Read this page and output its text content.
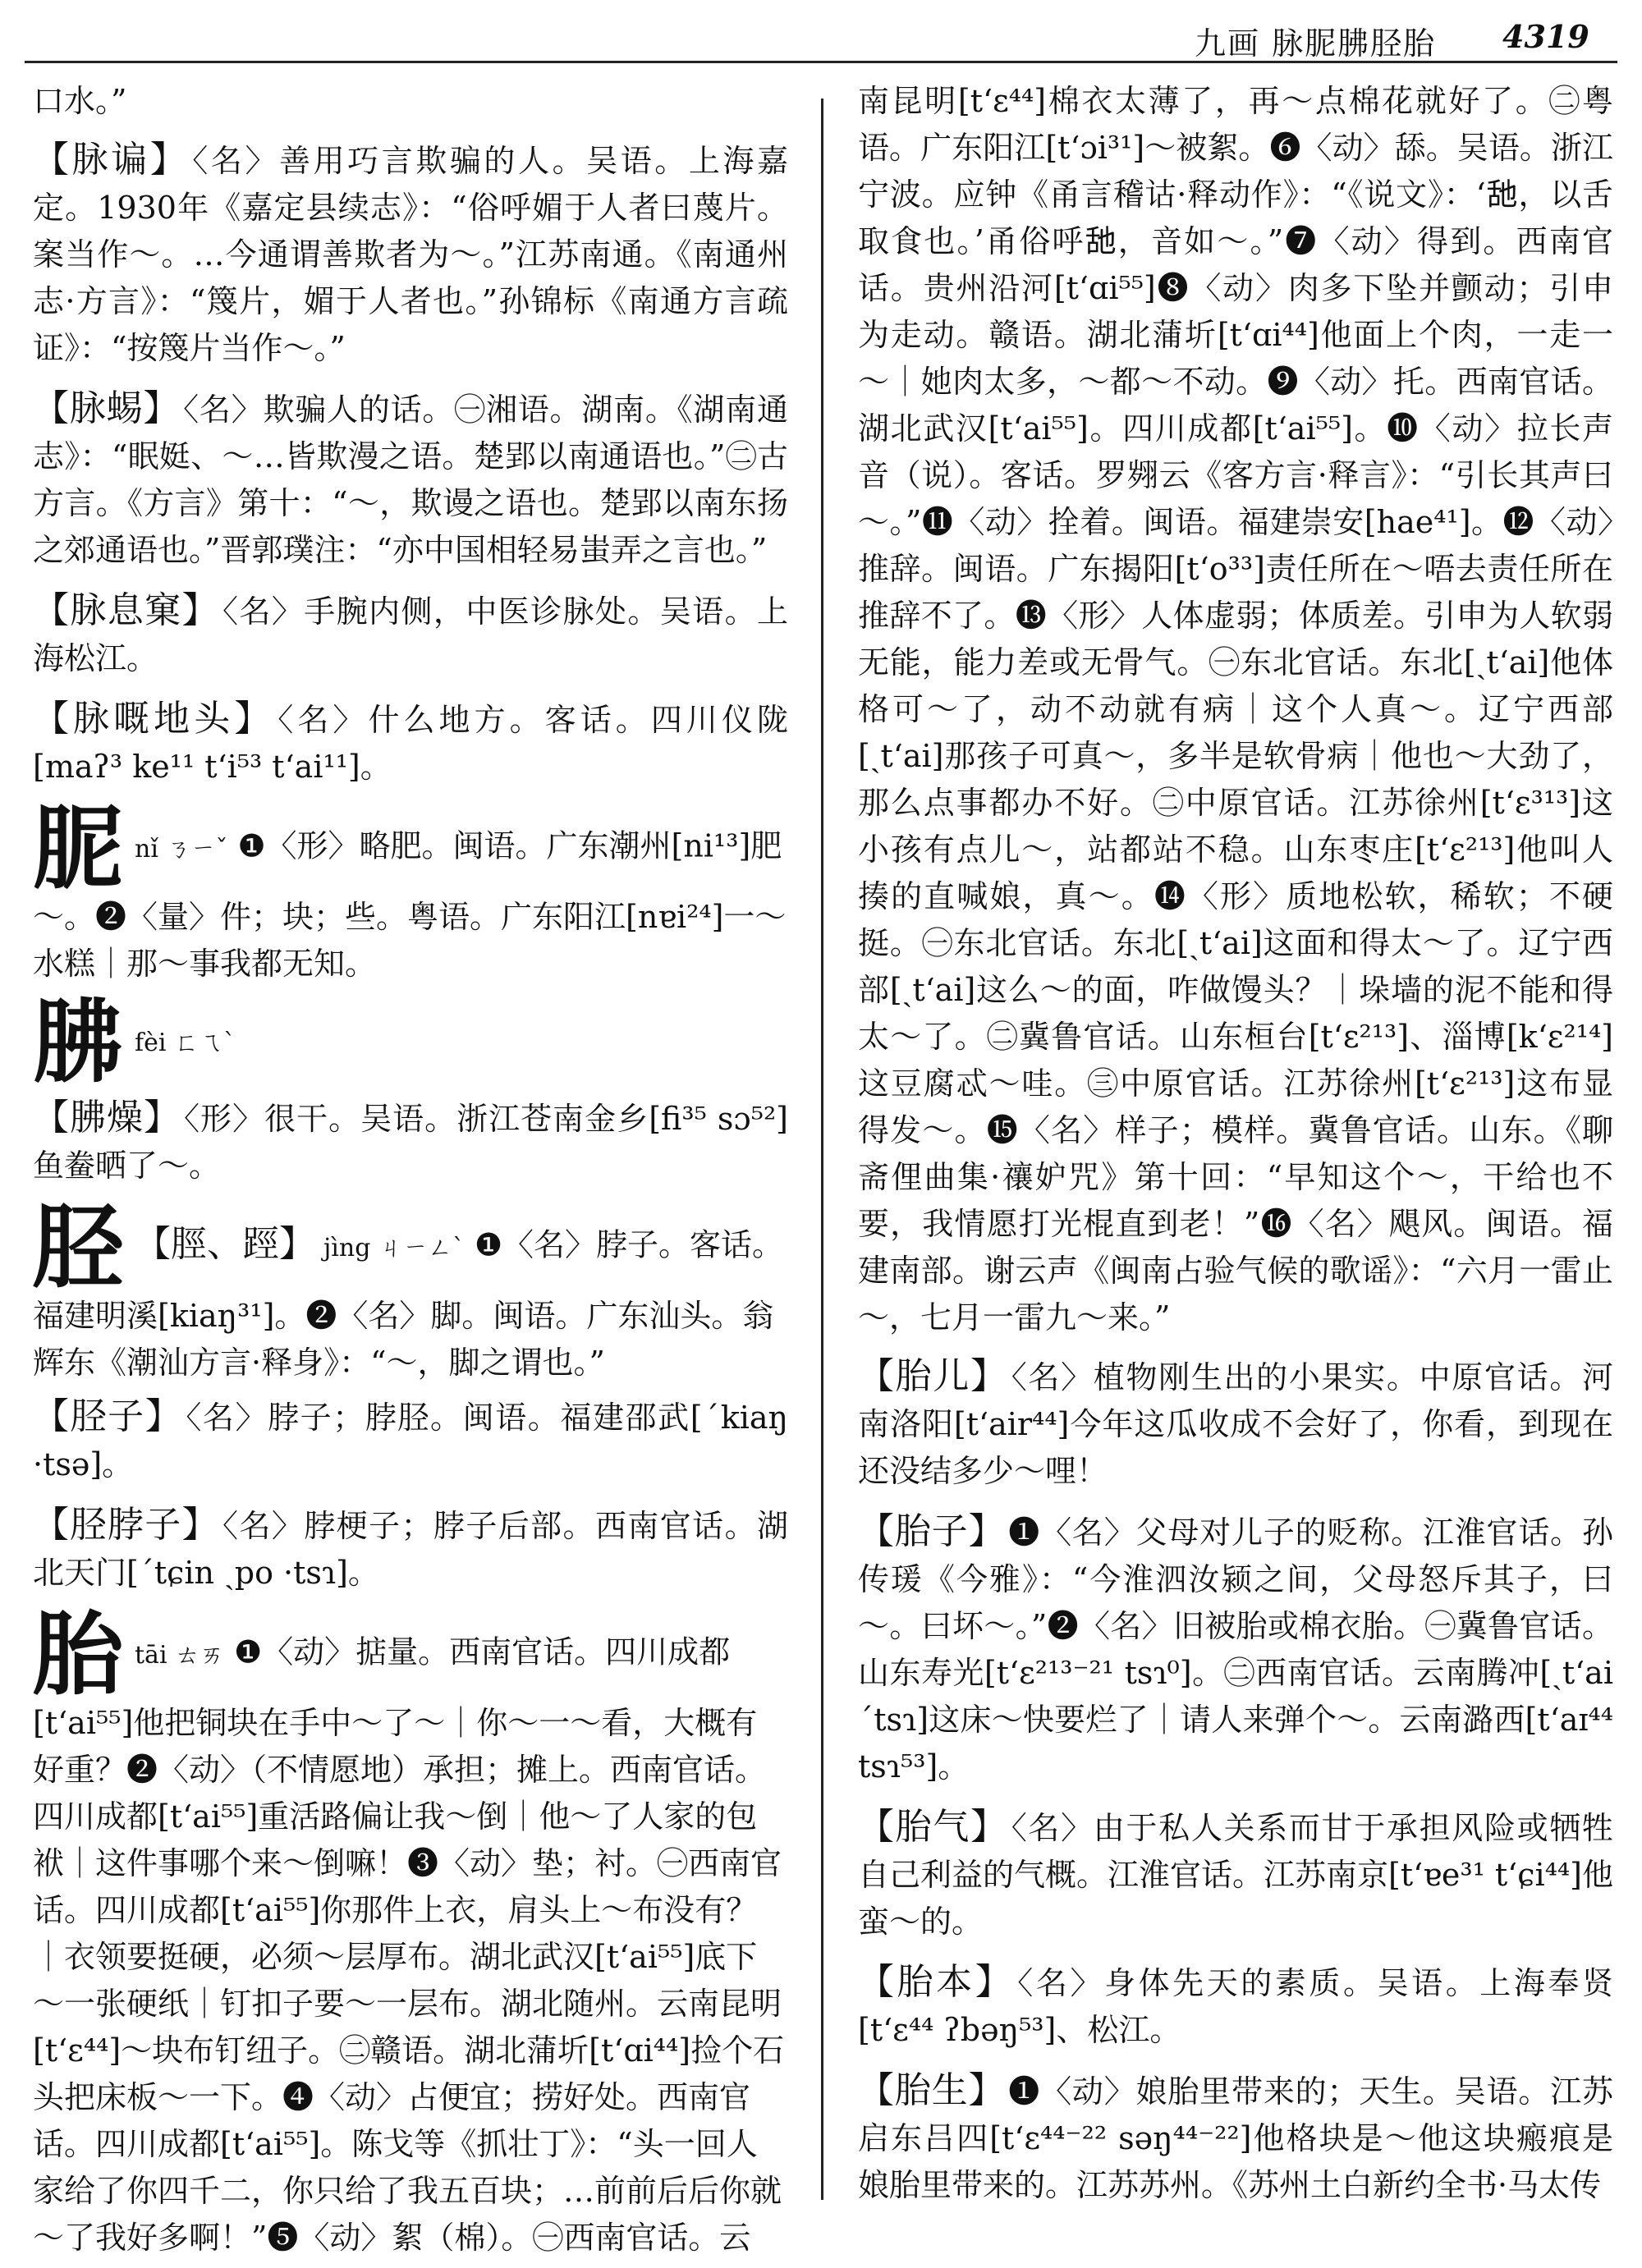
九画 脉胒胇胫胎 4319

口水。”

【脉谝】 〈名〉善用巧言欺骗的人。吴语。上海嘉定。1930年《嘉定县续志》：“俗呼媚于人者曰蔑片。案当作～。…今通谓善欺者为～。”江苏南通。《南通州志·方言》：“篾片，媚于人者也。”孙锦标《南通方言疏证》：“按篾片当作～。”

【脉蜴】 〈名〉欺骗人的话。㊀湘语。湖南。《湖南通志》：“眠娗、～…皆欺漫之语。楚郢以南通语也。”㊁古方言。《方言》第十：“～，欺谩之语也。楚郢以南东扬之郊通语也。”晋郭璞注：“亦中国相轻易蚩弄之言也。”

【脉息窠】 〈名〉手腕内侧，中医诊脉处。吴语。上海松江。

【脉嘅地头】 〈名〉什么地方。客话。四川仪陇[maʔ³ ke¹¹ tʻi⁵³ tʻai¹¹]。

胒nǐ ㄋㄧˇ ❶〈形〉略肥。闽语。广东潮州[ni¹³]肥～。❷〈量〉件；块；些。粤语。广东阳江[nɐi²⁴]一～水糕｜那～事我都无知。
胇fèi ㄈㄟˋ

【胇燥】 〈形〉很干。吴语。浙江苍南金乡[fi³⁵ sɔ⁵²]鱼鲞晒了～。

胫 【脛、踁】 jìng ㄐㄧㄥˋ ❶〈名〉脖子。客话。福建明溪[kiaŋ³¹]。❷〈名〉脚。闽语。广东汕头。翁辉东《潮汕方言·释身》：“～，脚之谓也。”

【胫子】 〈名〉脖子；脖胫。闽语。福建邵武[ˊkiaŋ ·tsə]。

【胫脖子】 〈名〉脖梗子；脖子后部。西南官话。湖北天门[ˊtɕin ˏpo ·tsɿ]。

胎tāi ㄊㄞ ❶〈动〉掂量。西南官话。四川成都[tʻai⁵⁵]他把铜块在手中～了～｜你～一～看，大概有好重？❷〈动〉（不情愿地）承担；摊上。西南官话。四川成都[tʻai⁵⁵]重活路偏让我～倒｜他～了人家的包袱｜这件事哪个来～倒嘛！❸〈动〉垫；衬。㊀西南官话。四川成都[tʻai⁵⁵]你那件上衣，肩头上～布没有？｜衣领要挺硬，必须～层厚布。湖北武汉[tʻai⁵⁵]底下～一张硬纸｜钉扣子要～一层布。湖北随州。云南昆明[tʻɛ⁴⁴]～块布钉纽子。㊁赣语。湖北蒲圻[tʻɑi⁴⁴]捡个石头把床板～一下。❹〈动〉占便宜；捞好处。西南官话。四川成都[tʻai⁵⁵]。陈戈等《抓壮丁》：“头一回人家给了你四千二，你只给了我五百块；…前前后后你就～了我好多啊！”❺〈动〉絮（棉）。㊀西南官话。云

南昆明[tʻɛ⁴⁴]棉衣太薄了，再～点棉花就好了。㊁粤语。广东阳江[tʻɔi³¹]～被絮。❻〈动〉舔。吴语。浙江宁波。应钟《甬言稽诂·释动作》：“《说文》：‘𦧇，以舌取食也。’甬俗呼𦧇，音如～。”❼〈动〉得到。西南官话。贵州沿河[tʻɑi⁵⁵]❽〈动〉肉多下坠并颤动；引申为走动。赣语。湖北蒲圻[tʻɑi⁴⁴]他面上个肉，一走一～｜她肉太多，～都～不动。❾〈动〉托。西南官话。湖北武汉[tʻai⁵⁵]。四川成都[tʻai⁵⁵]。❿〈动〉拉长声音（说）。客话。罗翙云《客方言·释言》：“引长其声曰～。”⓫〈动〉拴着。闽语。福建崇安[hae⁴¹]。⓬〈动〉推辞。闽语。广东揭阳[tʻo³³]责任所在～唔去责任所在推辞不了。⓭〈形〉人体虚弱；体质差。引申为人软弱无能，能力差或无骨气。㊀东北官话。东北[ˏtʻai]他体格可～了，动不动就有病｜这个人真～。辽宁西部[ˏtʻai]那孩子可真～，多半是软骨病｜他也～大劲了，那么点事都办不好。㊁中原官话。江苏徐州[tʻɛ³¹³]这小孩有点儿～，站都站不稳。山东枣庄[tʻɛ²¹³]他叫人揍的直喊娘，真～。⓮〈形〉质地松软，稀软；不硬挺。㊀东北官话。东北[ˏtʻai]这面和得太～了。辽宁西部[ˏtʻai]这么～的面，咋做馒头？｜垛墙的泥不能和得太～了。㊁冀鲁官话。山东桓台[tʻɛ²¹³]、淄博[kʻɛ²¹⁴]这豆腐忒～哇。㊂中原官话。江苏徐州[tʻɛ²¹³]这布显得发～。⓯〈名〉样子；模样。冀鲁官话。山东。《聊斋俚曲集·禳妒咒》第十回：“早知这个～，干给也不要，我情愿打光棍直到老！”⓰〈名〉飓风。闽语。福建南部。谢云声《闽南占验气候的歌谣》：“六月一雷止～，七月一雷九～来。”

【胎儿】 〈名〉植物刚生出的小果实。中原官话。河南洛阳[tʻair⁴⁴]今年这瓜收成不会好了，你看，到现在还没结多少～哩！

【胎子】 ❶〈名〉父母对儿子的贬称。江淮官话。孙传瑗《今雅》：“今淮泗汝颍之间，父母怒斥其子，曰～。曰坏～。”❷〈名〉旧被胎或棉衣胎。㊀冀鲁官话。山东寿光[tʻɛ²¹³⁻²¹ tsɿ⁰]。㊁西南官话。云南腾冲[ˏtʻai ˊtsɿ]这床～快要烂了｜请人来弹个～。云南潞西[tʻaɪ⁴⁴ tsɿ⁵³]。

【胎气】 〈名〉由于私人关系而甘于承担风险或牺牲自己利益的气概。江淮官话。江苏南京[tʻɐe³¹ tʻɕi⁴⁴]他蛮～的。

【胎本】 〈名〉身体先天的素质。吴语。上海奉贤[tʻɛ⁴⁴ ʔbəŋ⁵³]、松江。

【胎生】 ❶〈动〉娘胎里带来的；天生。吴语。江苏启东吕四[tʻɛ⁴⁴⁻²² səŋ⁴⁴⁻²²]他格块是～他这块瘢痕是娘胎里带来的。江苏苏州。《苏州土白新约全书·马太传
